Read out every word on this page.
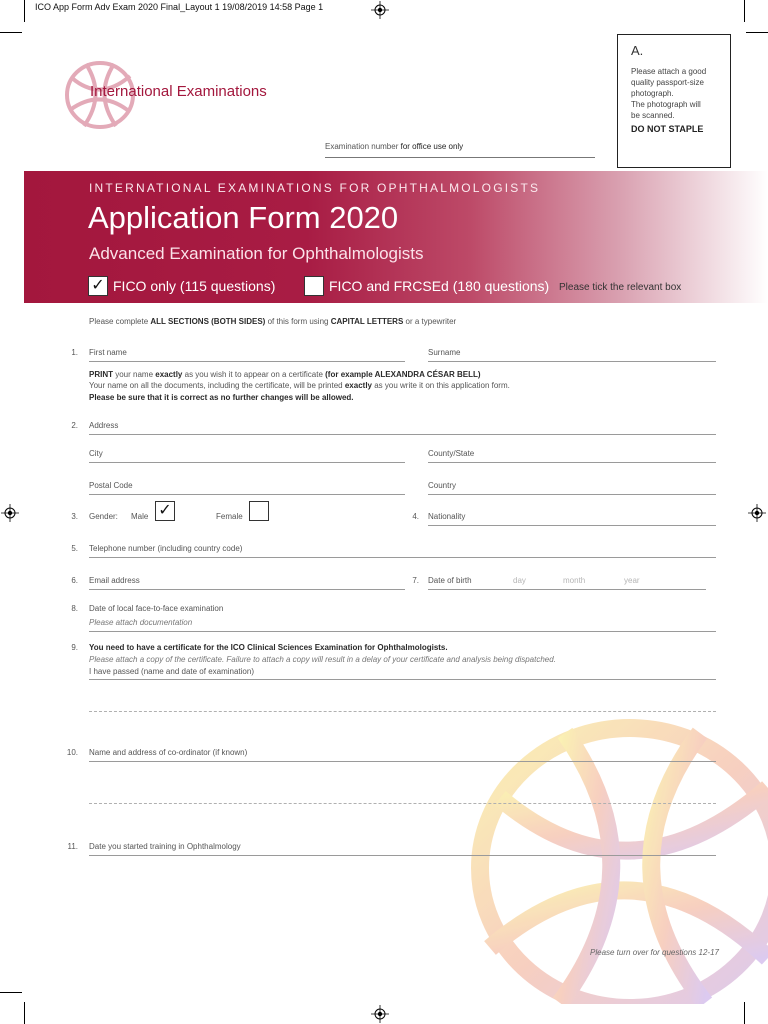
ICO App Form Adv Exam 2020 Final_Layout 1 19/08/2019 14:58 Page 1
International Examinations
A.
Please attach a good
quality passport-size
photograph.
The photograph will
be scanned.
DO NOT STAPLE
Examination number for office use only
INTERNATIONAL EXAMINATIONS FOR OPHTHALMOLOGISTS
Application Form 2020
Advanced Examination for Ophthalmologists
✓ FICO only (115 questions)	FICO and FRCSEd (180 questions) Please tick the relevant box
Please complete ALL SECTIONS (BOTH SIDES) of this form using CAPITAL LETTERS or a typewriter
1. First name	Surname
PRINT your name exactly as you wish it to appear on a certificate (for example ALEXANDRA CÉSAR BELL)
Your name on all the documents, including the certificate, will be printed exactly as you write it on this application form.
Please be sure that it is correct as no further changes will be allowed.
2. Address
City	County/State
Postal Code	Country
3. Gender: Male ✓	Female	4. Nationality
5. Telephone number (including country code)
6. Email address	7. Date of birth	day	month	year
8. Date of local face-to-face examination
Please attach documentation
9. You need to have a certificate for the ICO Clinical Sciences Examination for Ophthalmologists.
Please attach a copy of the certificate. Failure to attach a copy will result in a delay of your certificate and analysis being dispatched.
I have passed (name and date of examination)
10. Name and address of co-ordinator (if known)
11. Date you started training in Ophthalmology
Please turn over for questions 12-17
